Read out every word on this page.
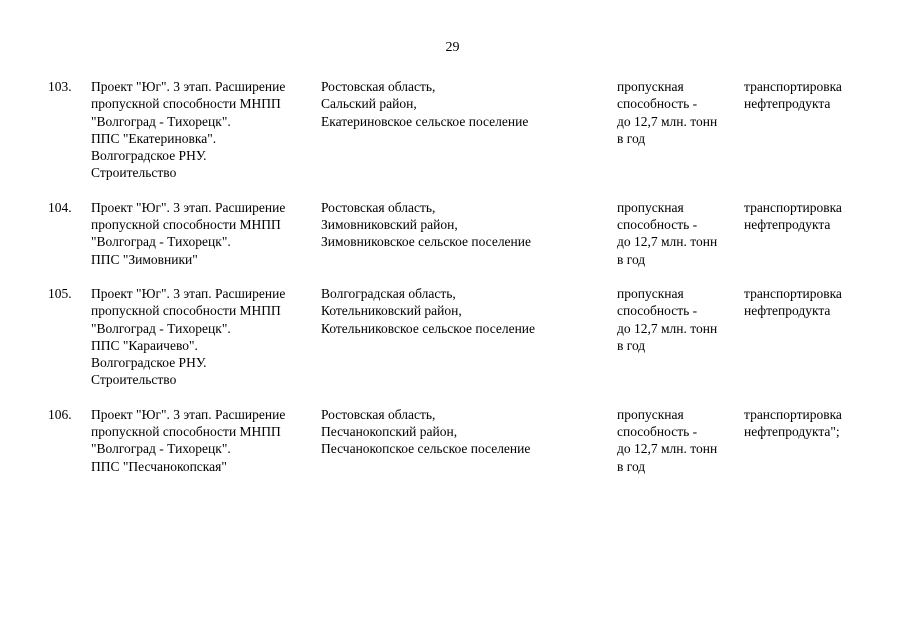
29

103. Проект "Юг". 3 этап. Расширение

пропускной способности МНПП

"Волгоград - Тихорецк".

ППС "Екатериновка".

Волгоградское РНУ.

Строительство

Ростовская область,

Сальский район,

Екатериновское сельское поселение

пропускная

способность -

до 12,7 млн. тонн

в год

транспортировка

нефтепродукта

104. Проект "Юг". 3 этап. Расширение

пропускной способности МНПП

"Волгоград - Тихорецк".

ППС "Зимовники"

Ростовская область,

Зимовниковский район,

Зимовниковское сельское поселение

пропускная

способность -

до 12,7 млн. тонн

в год

транспортировка

нефтепродукта

105. Проект "Юг". 3 этап. Расширение

пропускной способности МНПП

"Волгоград - Тихорецк".

ППС "Караичево".

Волгоградское РНУ.

Строительство

Волгоградская область,

Котельниковский район,

Котельниковское сельское поселение

пропускная

способность -

до 12,7 млн. тонн

в год

транспортировка

нефтепродукта

106. Проект "Юг". 3 этап. Расширение

пропускной способности МНПП

"Волгоград - Тихорецк".

ППС "Песчанокопская"

Ростовская область,

Песчанокопский район,

Песчанокопское сельское поселение

пропускная

способность -

до 12,7 млн. тонн

в год

транспортировка

нефтепродукта";
